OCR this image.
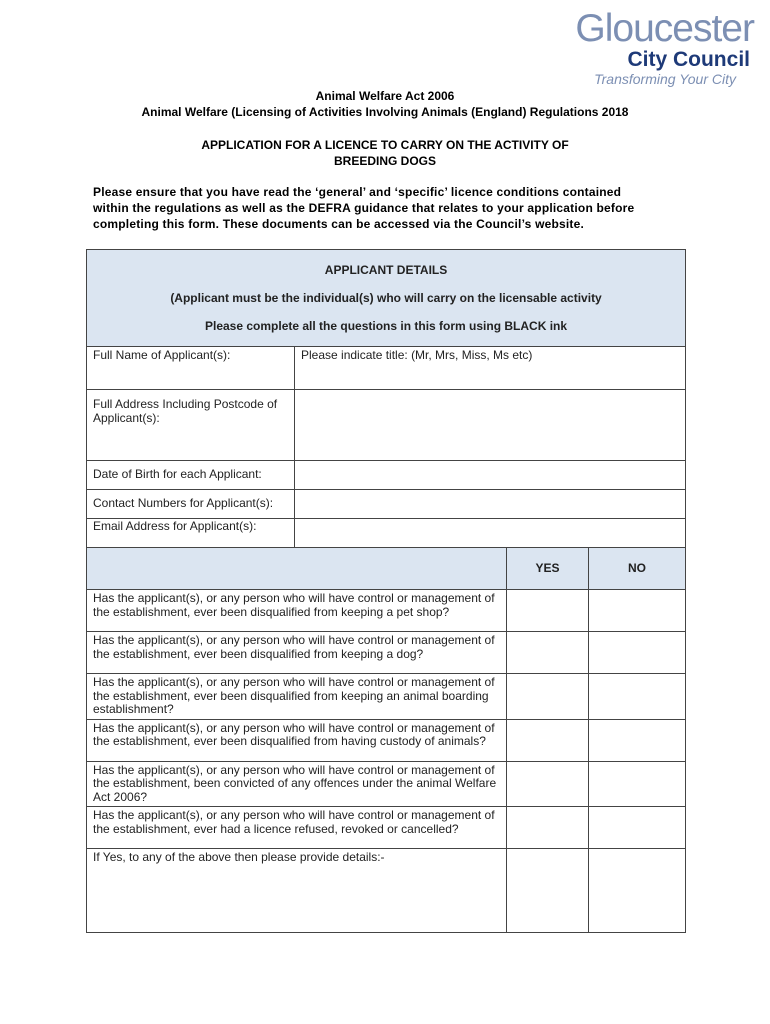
Gloucester
City Council
Transforming Your City
Animal Welfare Act 2006
Animal Welfare (Licensing of Activities Involving Animals (England) Regulations 2018
APPLICATION FOR A LICENCE TO CARRY ON THE ACTIVITY OF
BREEDING DOGS
Please ensure that you have read the ‘general’ and ‘specific’ licence conditions contained
within the regulations as well as the DEFRA guidance that relates to your application before
completing this form. These documents can be accessed via the Council’s website.
APPLICANT DETAILS
(Applicant must be the individual(s) who will carry on the licensable activity
Please complete all the questions in this form using BLACK ink			

Full Name of Applicant(s):	Please indicate title: (Mr, Mrs, Miss, Ms etc)		
Full Address Including Postcode of Applicant(s):			
Date of Birth for each Applicant:			
Contact Numbers for Applicant(s):			
Email Address for Applicant(s):			
		YES	NO
Has the applicant(s), or any person who will have control or management of the establishment, ever been disqualified from keeping a pet shop?			
Has the applicant(s), or any person who will have control or management of the establishment, ever been disqualified from keeping a dog?			
Has the applicant(s), or any person who will have control or management of the establishment, ever been disqualified from keeping an animal boarding establishment?			
Has the applicant(s), or any person who will have control or management of the establishment, ever been disqualified from having custody of animals?			
Has the applicant(s), or any person who will have control or management of the establishment, been convicted of any offences under the animal Welfare Act 2006?			
Has the applicant(s), or any person who will have control or management of the establishment, ever had a licence refused, revoked or cancelled?			
If Yes, to any of the above then please provide details:-			
